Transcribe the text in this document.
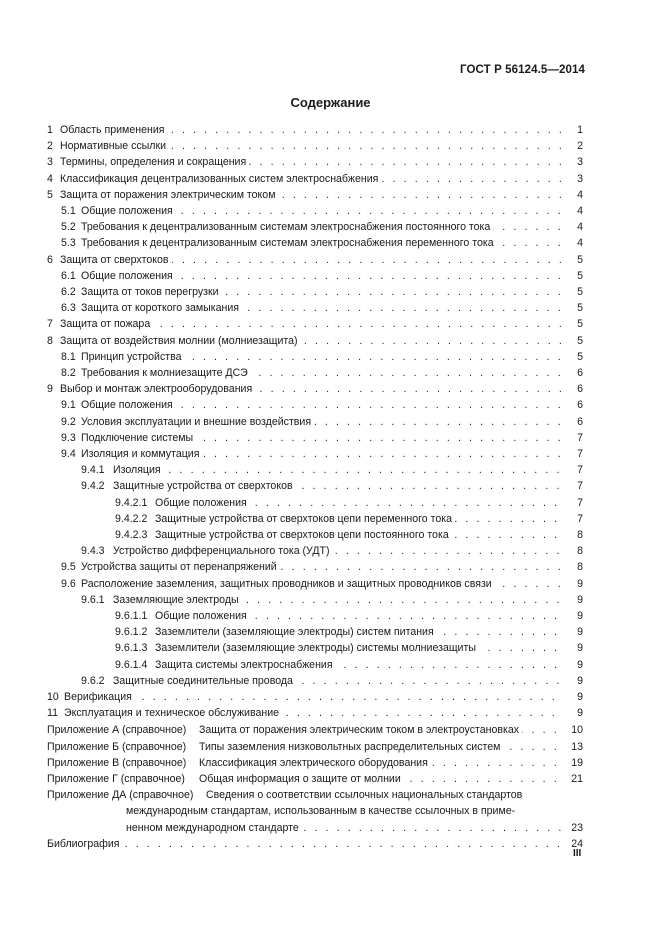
ГОСТ Р 56124.5—2014
Содержание
1 Область применения . . .	1
2 Нормативные ссылки . . .	2
3 Термины, определения и сокращения . . .	3
4 Классификация децентрализованных систем электроснабжения . . .	3
5 Защита от поражения электрическим током . . .	4
5.1 Общие положения . . .	4
5.2 Требования к децентрализованным системам электроснабжения постоянного тока . . .	4
5.3 Требования к децентрализованным системам электроснабжения переменного тока . . .	4
6 Защита от сверхтоков . . .	5
6.1 Общие положения . . .	5
6.2 Защита от токов перегрузки . . .	5
6.3 Защита от короткого замыкания . . .	5
7 Защита от пожара . . .	5
8 Защита от воздействия молнии (молниезащита) . . .	5
8.1 Принцип устройства . . .	5
8.2 Требования к молниезащите ДСЭ . . .	6
9 Выбор и монтаж электрооборудования . . .	6
9.1 Общие положения . . .	6
9.2 Условия эксплуатации и внешние воздействия . . .	6
9.3 Подключение системы . . .	7
9.4 Изоляция и коммутация . . .	7
9.4.1 Изоляция . . .	7
9.4.2 Защитные устройства от сверхтоков . . .	7
9.4.2.1 Общие положения . . .	7
9.4.2.2 Защитные устройства от сверхтоков цепи переменного тока . . .	7
9.4.2.3 Защитные устройства от сверхтоков цепи постоянного тока . . .	8
9.4.3 Устройство дифференциального тока (УДТ) . . .	8
9.5 Устройства защиты от перенапряжений . . .	8
9.6 Расположение заземления, защитных проводников и защитных проводников связи . . .	9
9.6.1 Заземляющие электроды . . .	9
9.6.1.1 Общие положения . . .	9
9.6.1.2 Заземлители (заземляющие электроды) систем питания . . .	9
9.6.1.3 Заземлители (заземляющие электроды) системы молниезащиты . . .	9
9.6.1.4 Защита системы электроснабжения . . .	9
9.6.2 Защитные соединительные провода . . .	9
10 Верификация . . .	9
11 Эксплуатация и техническое обслуживание . . .	9
Приложение А (справочное) Защита от поражения электрическим током в электроустановках . . .	10
Приложение Б (справочное) Типы заземления низковольтных распределительных систем . . .	13
Приложение В (справочное) Классификация электрического оборудования . . .	19
Приложение Г (справочное) Общая информация о защите от молнии . . .	21
Приложение ДА (справочное) Сведения о соответствии ссылочных национальных стандартов
международным стандартам, использованным в качестве ссылочных в приме-
ненном международном стандарте . . .	23
Библиография . . .	24
III
